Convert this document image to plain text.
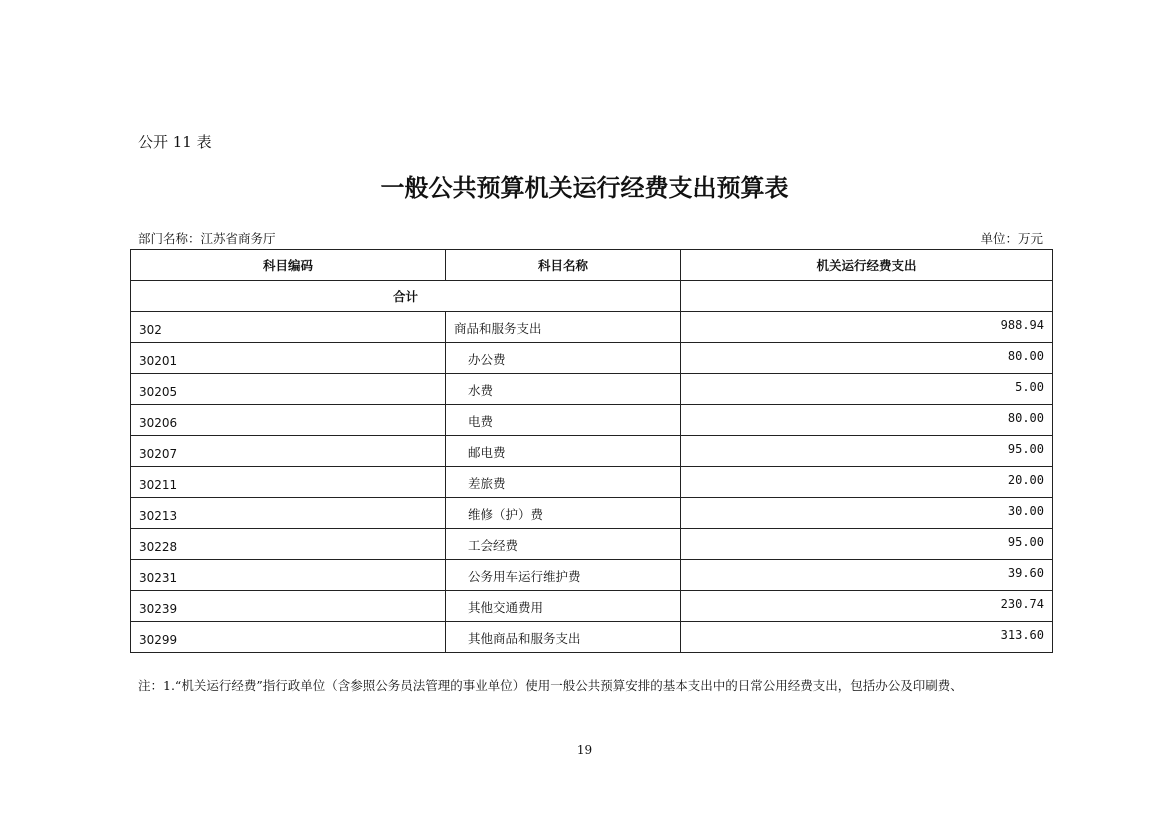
公开 11 表
一般公共预算机关运行经费支出预算表
部门名称：江苏省商务厅	单位：万元
科目编码	科目名称	机关运行经费支出
合计		
302	商品和服务支出	988.94
30201	办公费	80.00
30205	水费	5.00
30206	电费	80.00
30207	邮电费	95.00
30211	差旅费	20.00
30213	维修（护）费	30.00
30228	工会经费	95.00
30231	公务用车运行维护费	39.60
30239	其他交通费用	230.74
30299	其他商品和服务支出	313.60
注：1.“机关运行经费”指行政单位（含参照公务员法管理的事业单位）使用一般公共预算安排的基本支出中的日常公用经费支出，包括办公及印刷费、
19
